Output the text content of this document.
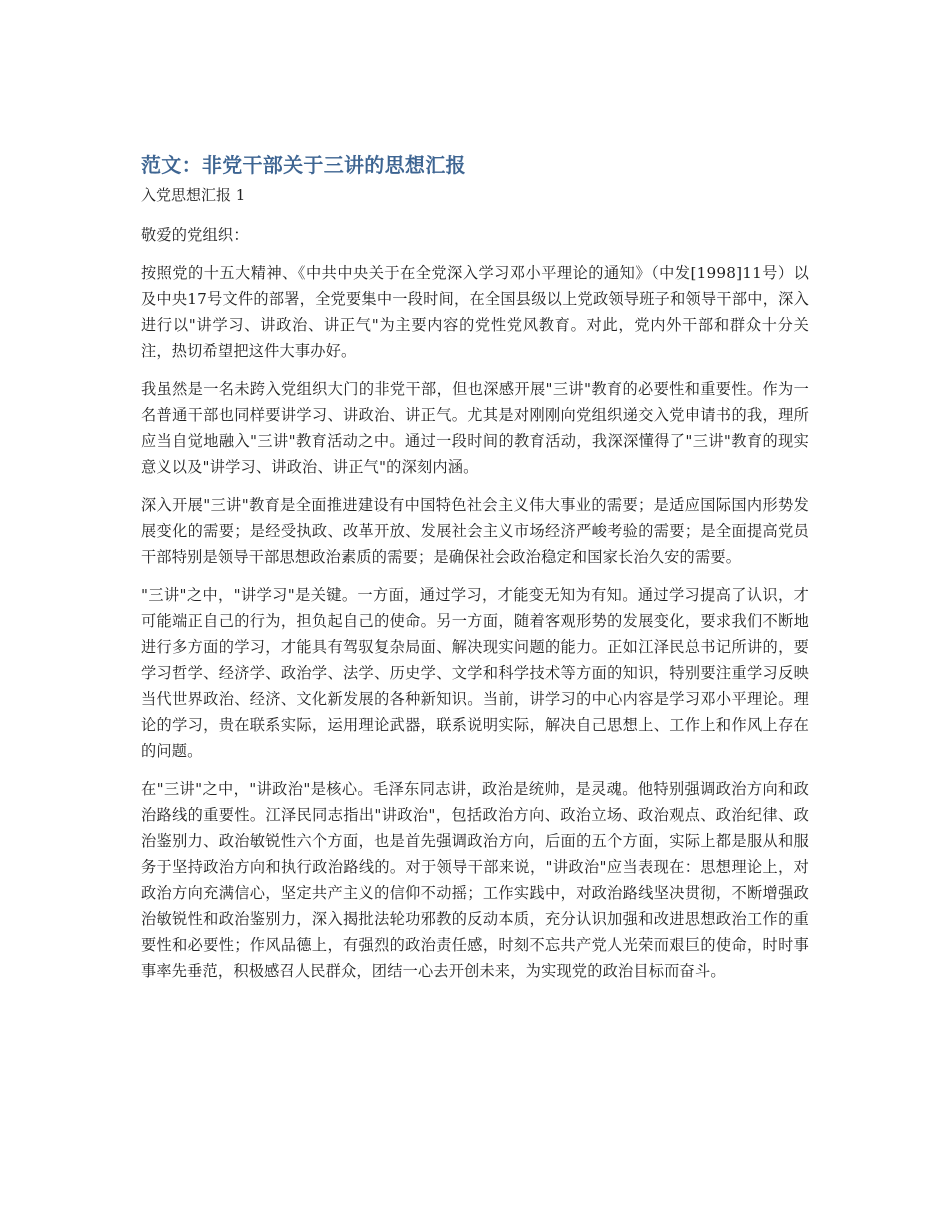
范文：非党干部关于三讲的思想汇报
入党思想汇报 1

敬爱的党组织：

按照党的十五大精神、《中共中央关于在全党深入学习邓小平理论的通知》（中发[1998]11号）以及中央17号文件的部署，全党要集中一段时间，在全国县级以上党政领导班子和领导干部中，深入进行以"讲学习、讲政治、讲正气"为主要内容的党性党风教育。对此，党内外干部和群众十分关注，热切希望把这件大事办好。

我虽然是一名未跨入党组织大门的非党干部，但也深感开展"三讲"教育的必要性和重要性。作为一名普通干部也同样要讲学习、讲政治、讲正气。尤其是对刚刚向党组织递交入党申请书的我，理所应当自觉地融入"三讲"教育活动之中。通过一段时间的教育活动，我深深懂得了"三讲"教育的现实意义以及"讲学习、讲政治、讲正气"的深刻内涵。

深入开展"三讲"教育是全面推进建设有中国特色社会主义伟大事业的需要；是适应国际国内形势发展变化的需要；是经受执政、改革开放、发展社会主义市场经济严峻考验的需要；是全面提高党员干部特别是领导干部思想政治素质的需要；是确保社会政治稳定和国家长治久安的需要。

"三讲"之中，"讲学习"是关键。一方面，通过学习，才能变无知为有知。通过学习提高了认识，才可能端正自己的行为，担负起自己的使命。另一方面，随着客观形势的发展变化，要求我们不断地进行多方面的学习，才能具有驾驭复杂局面、解决现实问题的能力。正如江泽民总书记所讲的，要学习哲学、经济学、政治学、法学、历史学、文学和科学技术等方面的知识，特别要注重学习反映当代世界政治、经济、文化新发展的各种新知识。当前，讲学习的中心内容是学习邓小平理论。理论的学习，贵在联系实际，运用理论武器，联系说明实际，解决自己思想上、工作上和作风上存在的问题。

在"三讲"之中，"讲政治"是核心。毛泽东同志讲，政治是统帅，是灵魂。他特别强调政治方向和政治路线的重要性。江泽民同志指出"讲政治"，包括政治方向、政治立场、政治观点、政治纪律、政治鉴别力、政治敏锐性六个方面，也是首先强调政治方向，后面的五个方面，实际上都是服从和服务于坚持政治方向和执行政治路线的。对于领导干部来说，"讲政治"应当表现在：思想理论上，对政治方向充满信心，坚定共产主义的信仰不动摇；工作实践中，对政治路线坚决贯彻，不断增强政治敏锐性和政治鉴别力，深入揭批法轮功邪教的反动本质，充分认识加强和改进思想政治工作的重要性和必要性；作风品德上，有强烈的政治责任感，时刻不忘共产党人光荣而艰巨的使命，时时事事率先垂范，积极感召人民群众，团结一心去开创未来，为实现党的政治目标而奋斗。
